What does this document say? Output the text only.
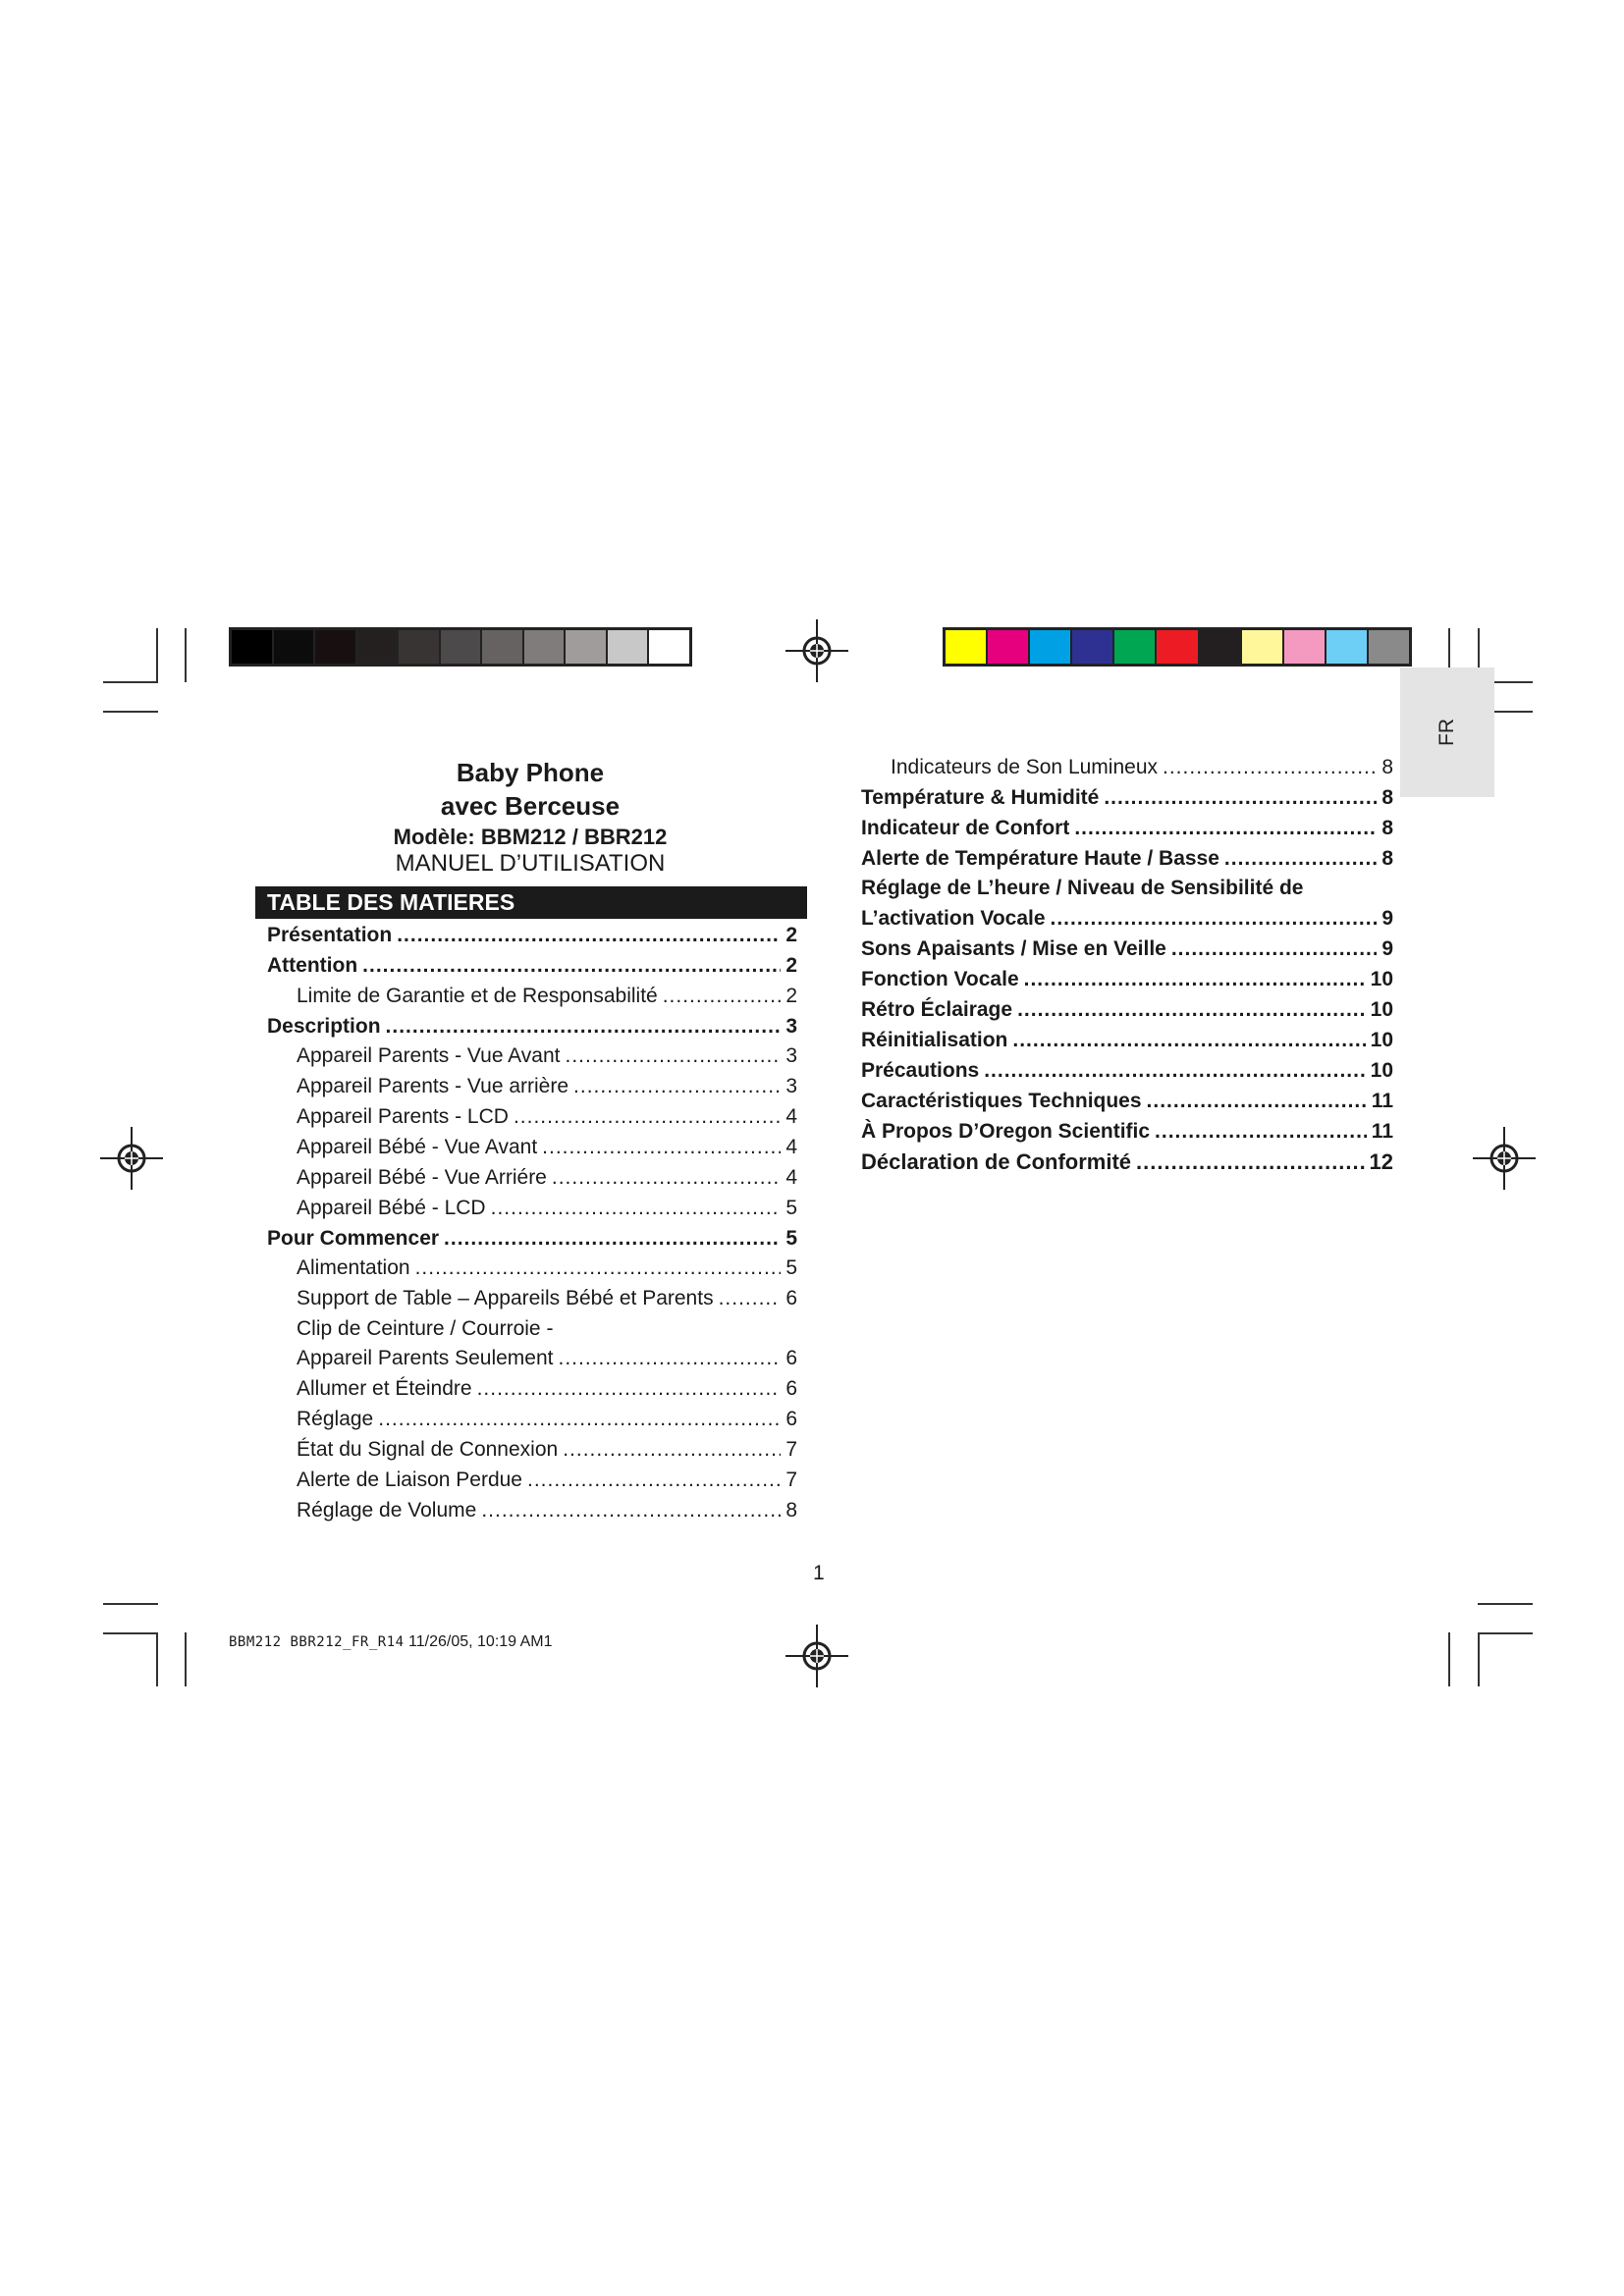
FR
Baby Phone
avec Berceuse
Modèle: BBM212 / BBR212
MANUEL D’UTILISATION
TABLE DES MATIERES
Présentation .....	2
Attention .....	2
Limite de Garantie et de Responsabilité .....	2
Description .....	3
Appareil Parents - Vue Avant .....	3
Appareil Parents - Vue arrière .....	3
Appareil Parents - LCD .....	4
Appareil Bébé - Vue Avant .....	4
Appareil Bébé - Vue Arriére .....	4
Appareil Bébé - LCD .....	5
Pour Commencer .....	5
Alimentation .....	5
Support de Table – Appareils Bébé et Parents .....	6
Clip de Ceinture / Courroie -
Appareil Parents Seulement .....	6
Allumer et Éteindre .....	6
Réglage .....	6
État du Signal de Connexion .....	7
Alerte de Liaison Perdue .....	7
Réglage de Volume .....	8
Indicateurs de Son Lumineux .....	8
Température & Humidité .....	8
Indicateur de Confort .....	8
Alerte de Température Haute / Basse .....	8
Réglage de L’heure / Niveau de Sensibilité de
L’activation Vocale .....	9
Sons Apaisants / Mise en Veille .....	9
Fonction Vocale .....	10
Rétro Éclairage .....	10
Réinitialisation .....	10
Précautions .....	10
Caractéristiques Techniques .....	11
À Propos D’Oregon Scientific .....	11
Déclaration de Conformité .....	12
1
BBM212 BBR212_FR_R14 11/26/05, 10:19 AM1
